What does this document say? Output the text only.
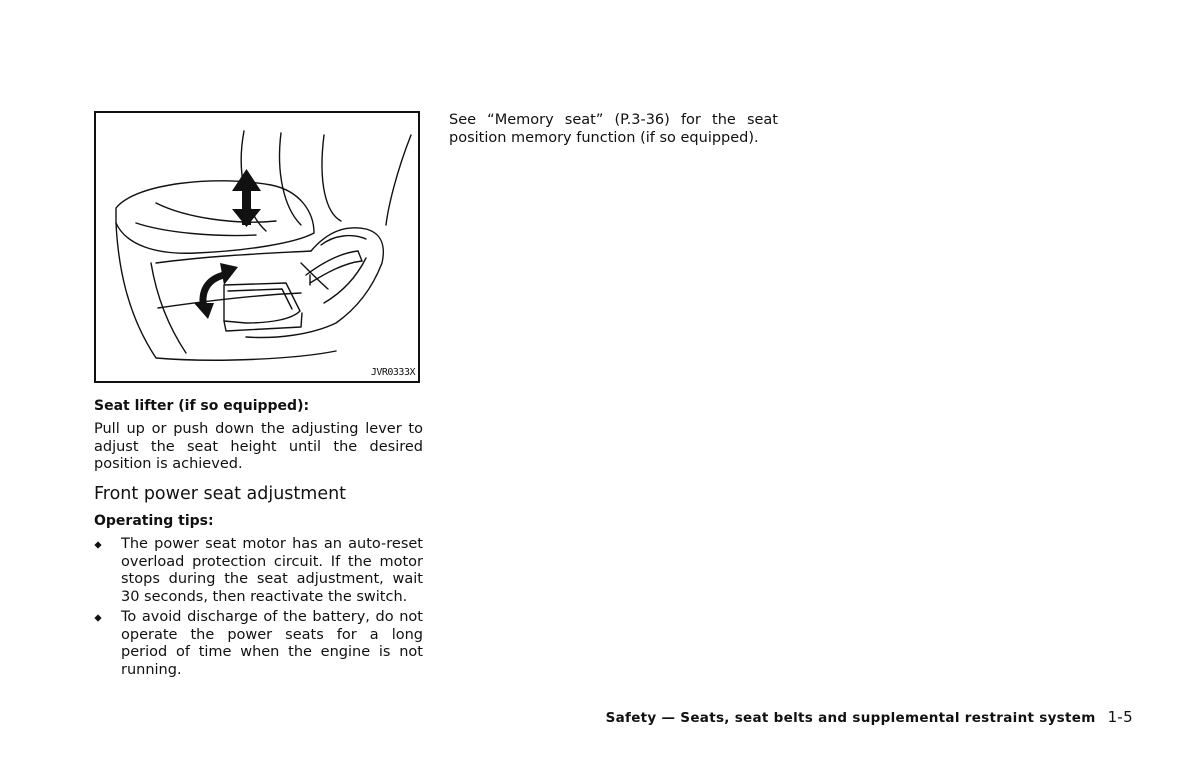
JVR0333X
Seat lifter (if so equipped):
Pull up or push down the adjusting lever to adjust the seat height until the desired position is achieved.
Front power seat adjustment
Operating tips:
The power seat motor has an auto-reset overload protection circuit. If the motor stops during the seat adjustment, wait 30 seconds, then reactivate the switch.
To avoid discharge of the battery, do not operate the power seats for a long period of time when the engine is not running.
See “Memory seat” (P.3-36) for the seat position memory function (if so equipped).
Safety — Seats, seat belts and supplemental restraint system 1-5
